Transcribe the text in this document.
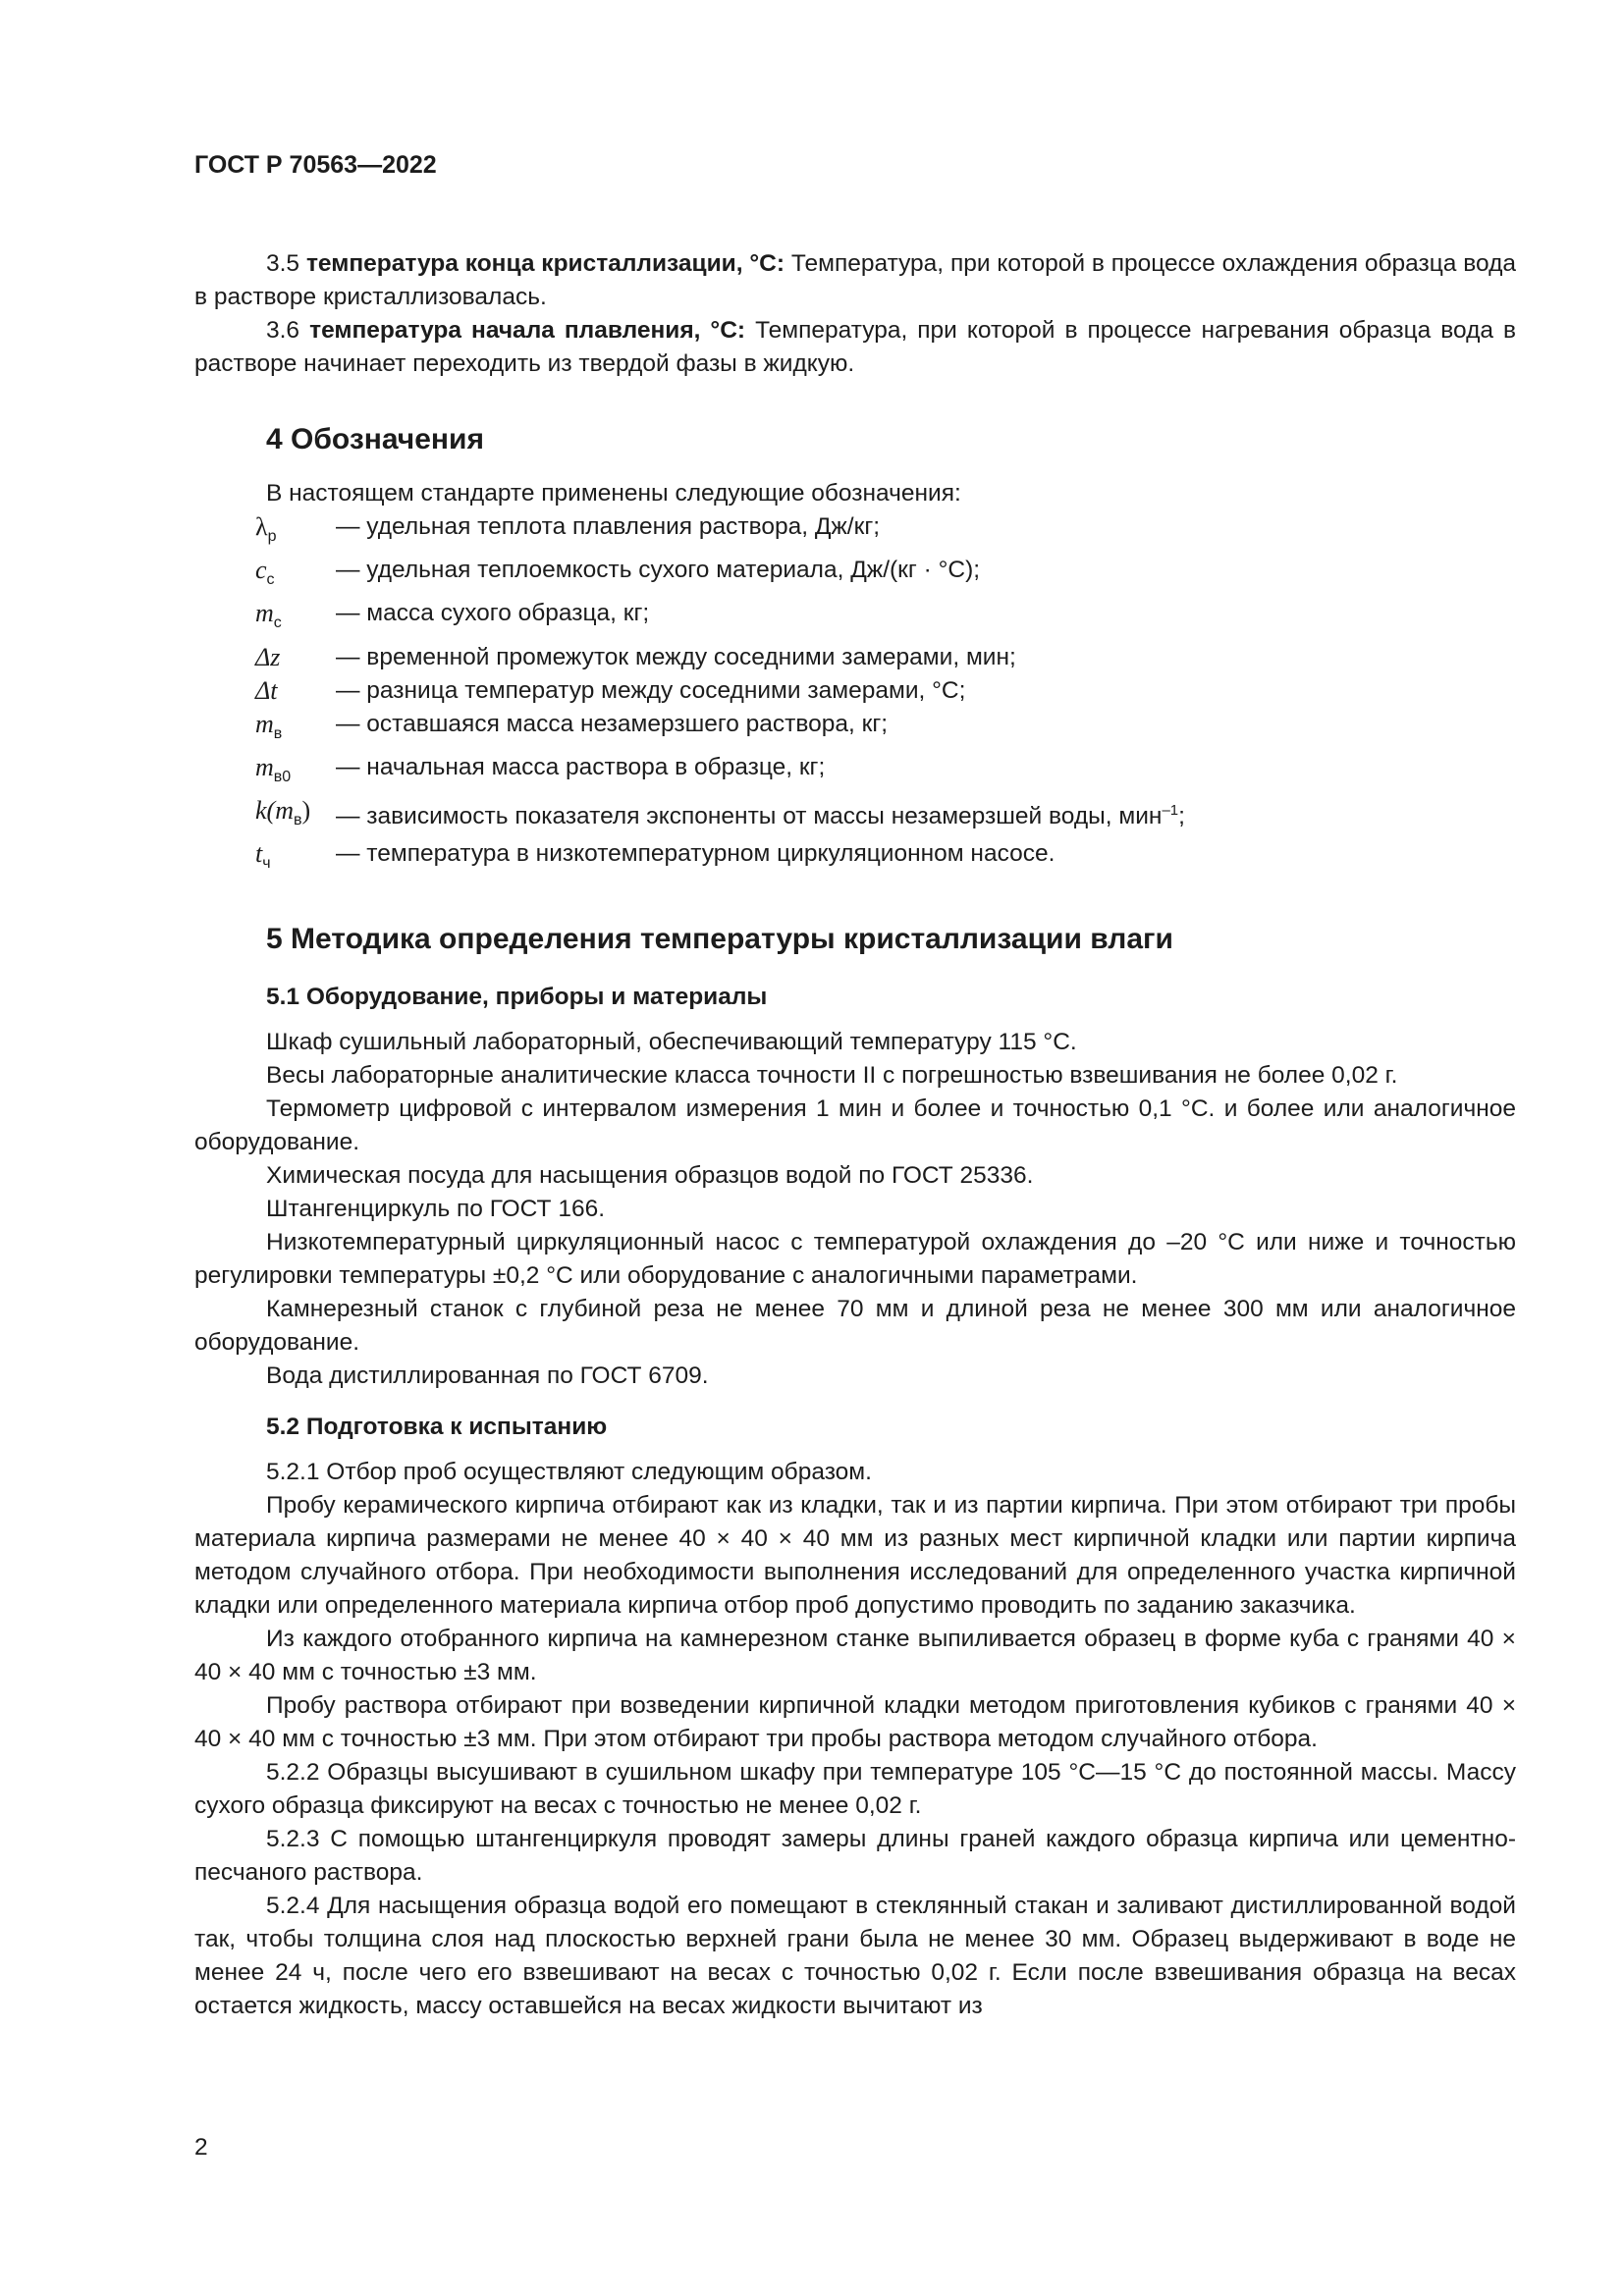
ГОСТ Р 70563—2022

3.5 температура конца кристаллизации, °С: Температура, при которой в процессе охлаждения образца вода в растворе кристаллизовалась.

3.6 температура начала плавления, °С: Температура, при которой в процессе нагревания образца вода в растворе начинает переходить из твердой фазы в жидкую.

4 Обозначения

В настоящем стандарте применены следующие обозначения:

$\lambda_р$	— удельная теплота плавления раствора, Дж/кг;
$c_с$	— удельная теплоемкость сухого материала, Дж/(кг · °С);
$m_с$	— масса сухого образца, кг;
Δz	— временной промежуток между соседними замерами, мин;
Δt	— разница температур между соседними замерами, °С;
$m_в$	— оставшаяся масса незамерзшего раствора, кг;
$m_{в0}$	— начальная масса раствора в образце, кг;
$k(m_в)$	— зависимость показателя экспоненты от массы незамерзшей воды, мин$^{-1}$;
$t_ч$	— температура в низкотемпературном циркуляционном насосе.
5 Методика определения температуры кристаллизации влаги
5.1 Оборудование, приборы и материалы

Шкаф сушильный лабораторный, обеспечивающий температуру 115 °С.

Весы лабораторные аналитические класса точности II с погрешностью взвешивания не более 0,02 г.

Термометр цифровой с интервалом измерения 1 мин и более и точностью 0,1 °С. и более или аналогичное оборудование.

Химическая посуда для насыщения образцов водой по ГОСТ 25336.

Штангенциркуль по ГОСТ 166.

Низкотемпературный циркуляционный насос с температурой охлаждения до –20 °С или ниже и точностью регулировки температуры ±0,2 °С или оборудование с аналогичными параметрами.

Камнерезный станок с глубиной реза не менее 70 мм и длиной реза не менее 300 мм или аналогичное оборудование.

Вода дистиллированная по ГОСТ 6709.

5.2 Подготовка к испытанию

5.2.1 Отбор проб осуществляют следующим образом.

Пробу керамического кирпича отбирают как из кладки, так и из партии кирпича. При этом отбирают три пробы материала кирпича размерами не менее 40 × 40 × 40 мм из разных мест кирпичной кладки или партии кирпича методом случайного отбора. При необходимости выполнения исследований для определенного участка кирпичной кладки или определенного материала кирпича отбор проб допустимо проводить по заданию заказчика.

Из каждого отобранного кирпича на камнерезном станке выпиливается образец в форме куба с гранями 40 × 40 × 40 мм с точностью ±3 мм.

Пробу раствора отбирают при возведении кирпичной кладки методом приготовления кубиков с гранями 40 × 40 × 40 мм с точностью ±3 мм. При этом отбирают три пробы раствора методом случайного отбора.

5.2.2 Образцы высушивают в сушильном шкафу при температуре 105 °С—15 °С до постоянной массы. Массу сухого образца фиксируют на весах с точностью не менее 0,02 г.

5.2.3 С помощью штангенциркуля проводят замеры длины граней каждого образца кирпича или цементно-песчаного раствора.

5.2.4 Для насыщения образца водой его помещают в стеклянный стакан и заливают дистиллированной водой так, чтобы толщина слоя над плоскостью верхней грани была не менее 30 мм. Образец выдерживают в воде не менее 24 ч, после чего его взвешивают на весах с точностью 0,02 г. Если после взвешивания образца на весах остается жидкость, массу оставшейся на весах жидкости вычитают из

2
